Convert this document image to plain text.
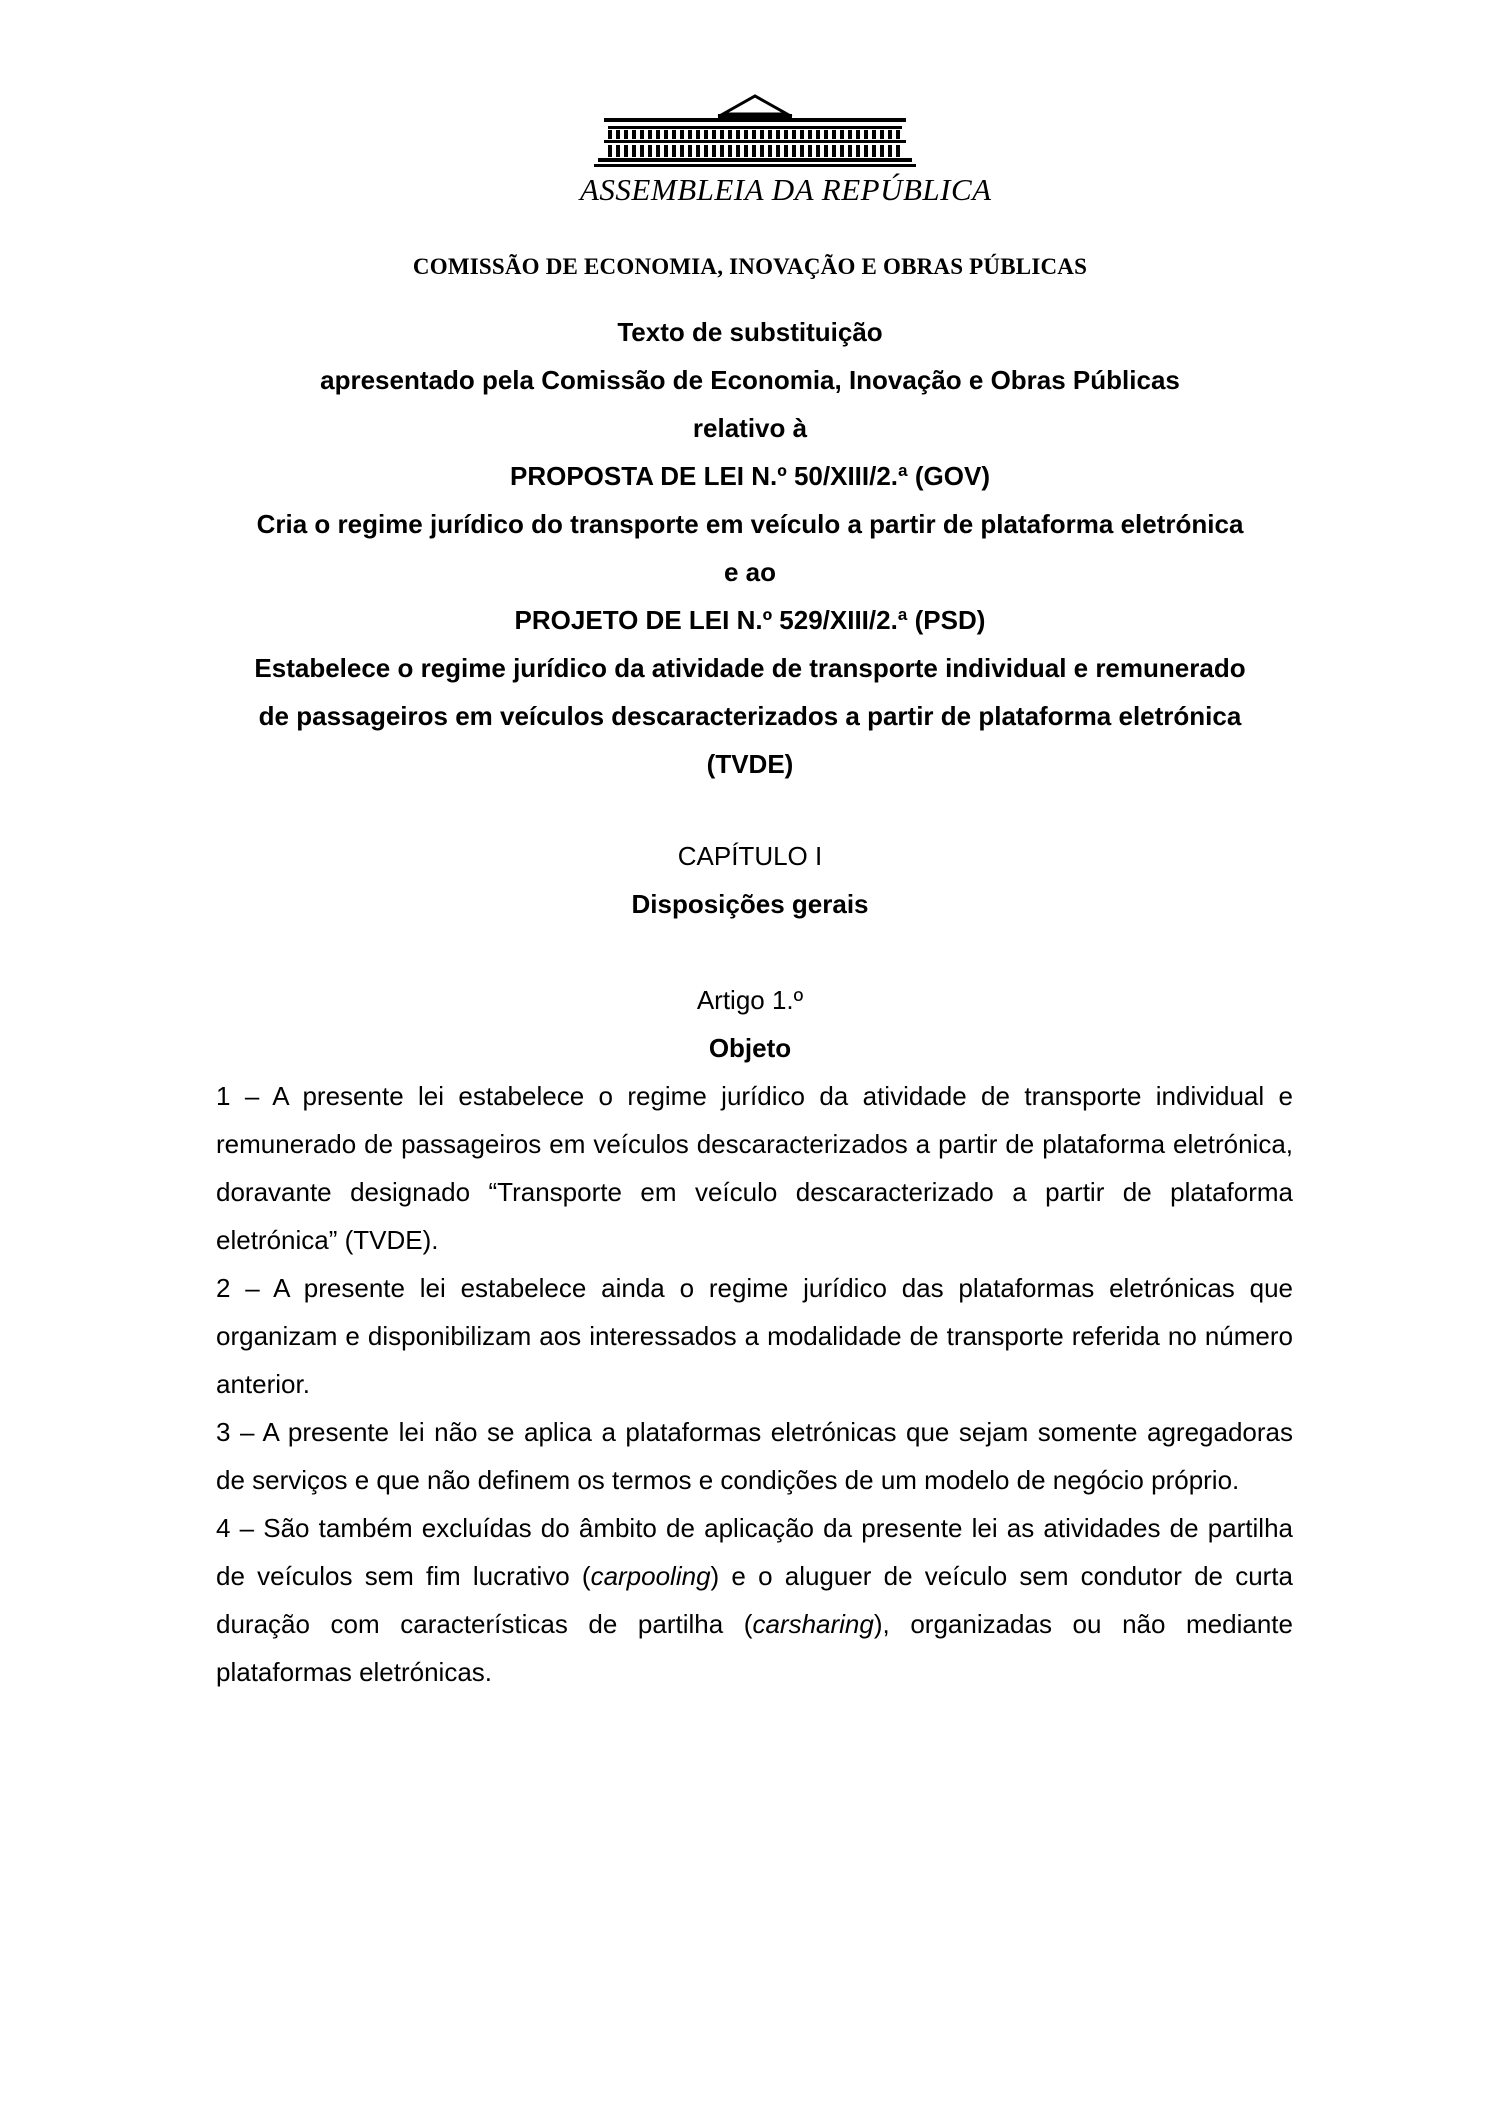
ASSEMBLEIA DA REPÚBLICA
COMISSÃO DE ECONOMIA, INOVAÇÃO E OBRAS PÚBLICAS
Texto de substituição
apresentado pela Comissão de Economia, Inovação e Obras Públicas
relativo à
PROPOSTA DE LEI N.º 50/XIII/2.ª (GOV)
Cria o regime jurídico do transporte em veículo a partir de plataforma eletrónica
e ao
PROJETO DE LEI N.º 529/XIII/2.ª (PSD)
Estabelece o regime jurídico da atividade de transporte individual e remunerado
de passageiros em veículos descaracterizados a partir de plataforma eletrónica
(TVDE)
CAPÍTULO I
Disposições gerais
Artigo 1.º
Objeto

1 – A presente lei estabelece o regime jurídico da atividade de transporte individual e remunerado de passageiros em veículos descaracterizados a partir de plataforma eletrónica, doravante designado “Transporte em veículo descaracterizado a partir de plataforma eletrónica” (TVDE).

2 – A presente lei estabelece ainda o regime jurídico das plataformas eletrónicas que organizam e disponibilizam aos interessados a modalidade de transporte referida no número anterior.

3 – A presente lei não se aplica a plataformas eletrónicas que sejam somente agregadoras de serviços e que não definem os termos e condições de um modelo de negócio próprio.

4 – São também excluídas do âmbito de aplicação da presente lei as atividades de partilha de veículos sem fim lucrativo (carpooling) e o aluguer de veículo sem condutor de curta duração com características de partilha (carsharing), organizadas ou não mediante plataformas eletrónicas.
